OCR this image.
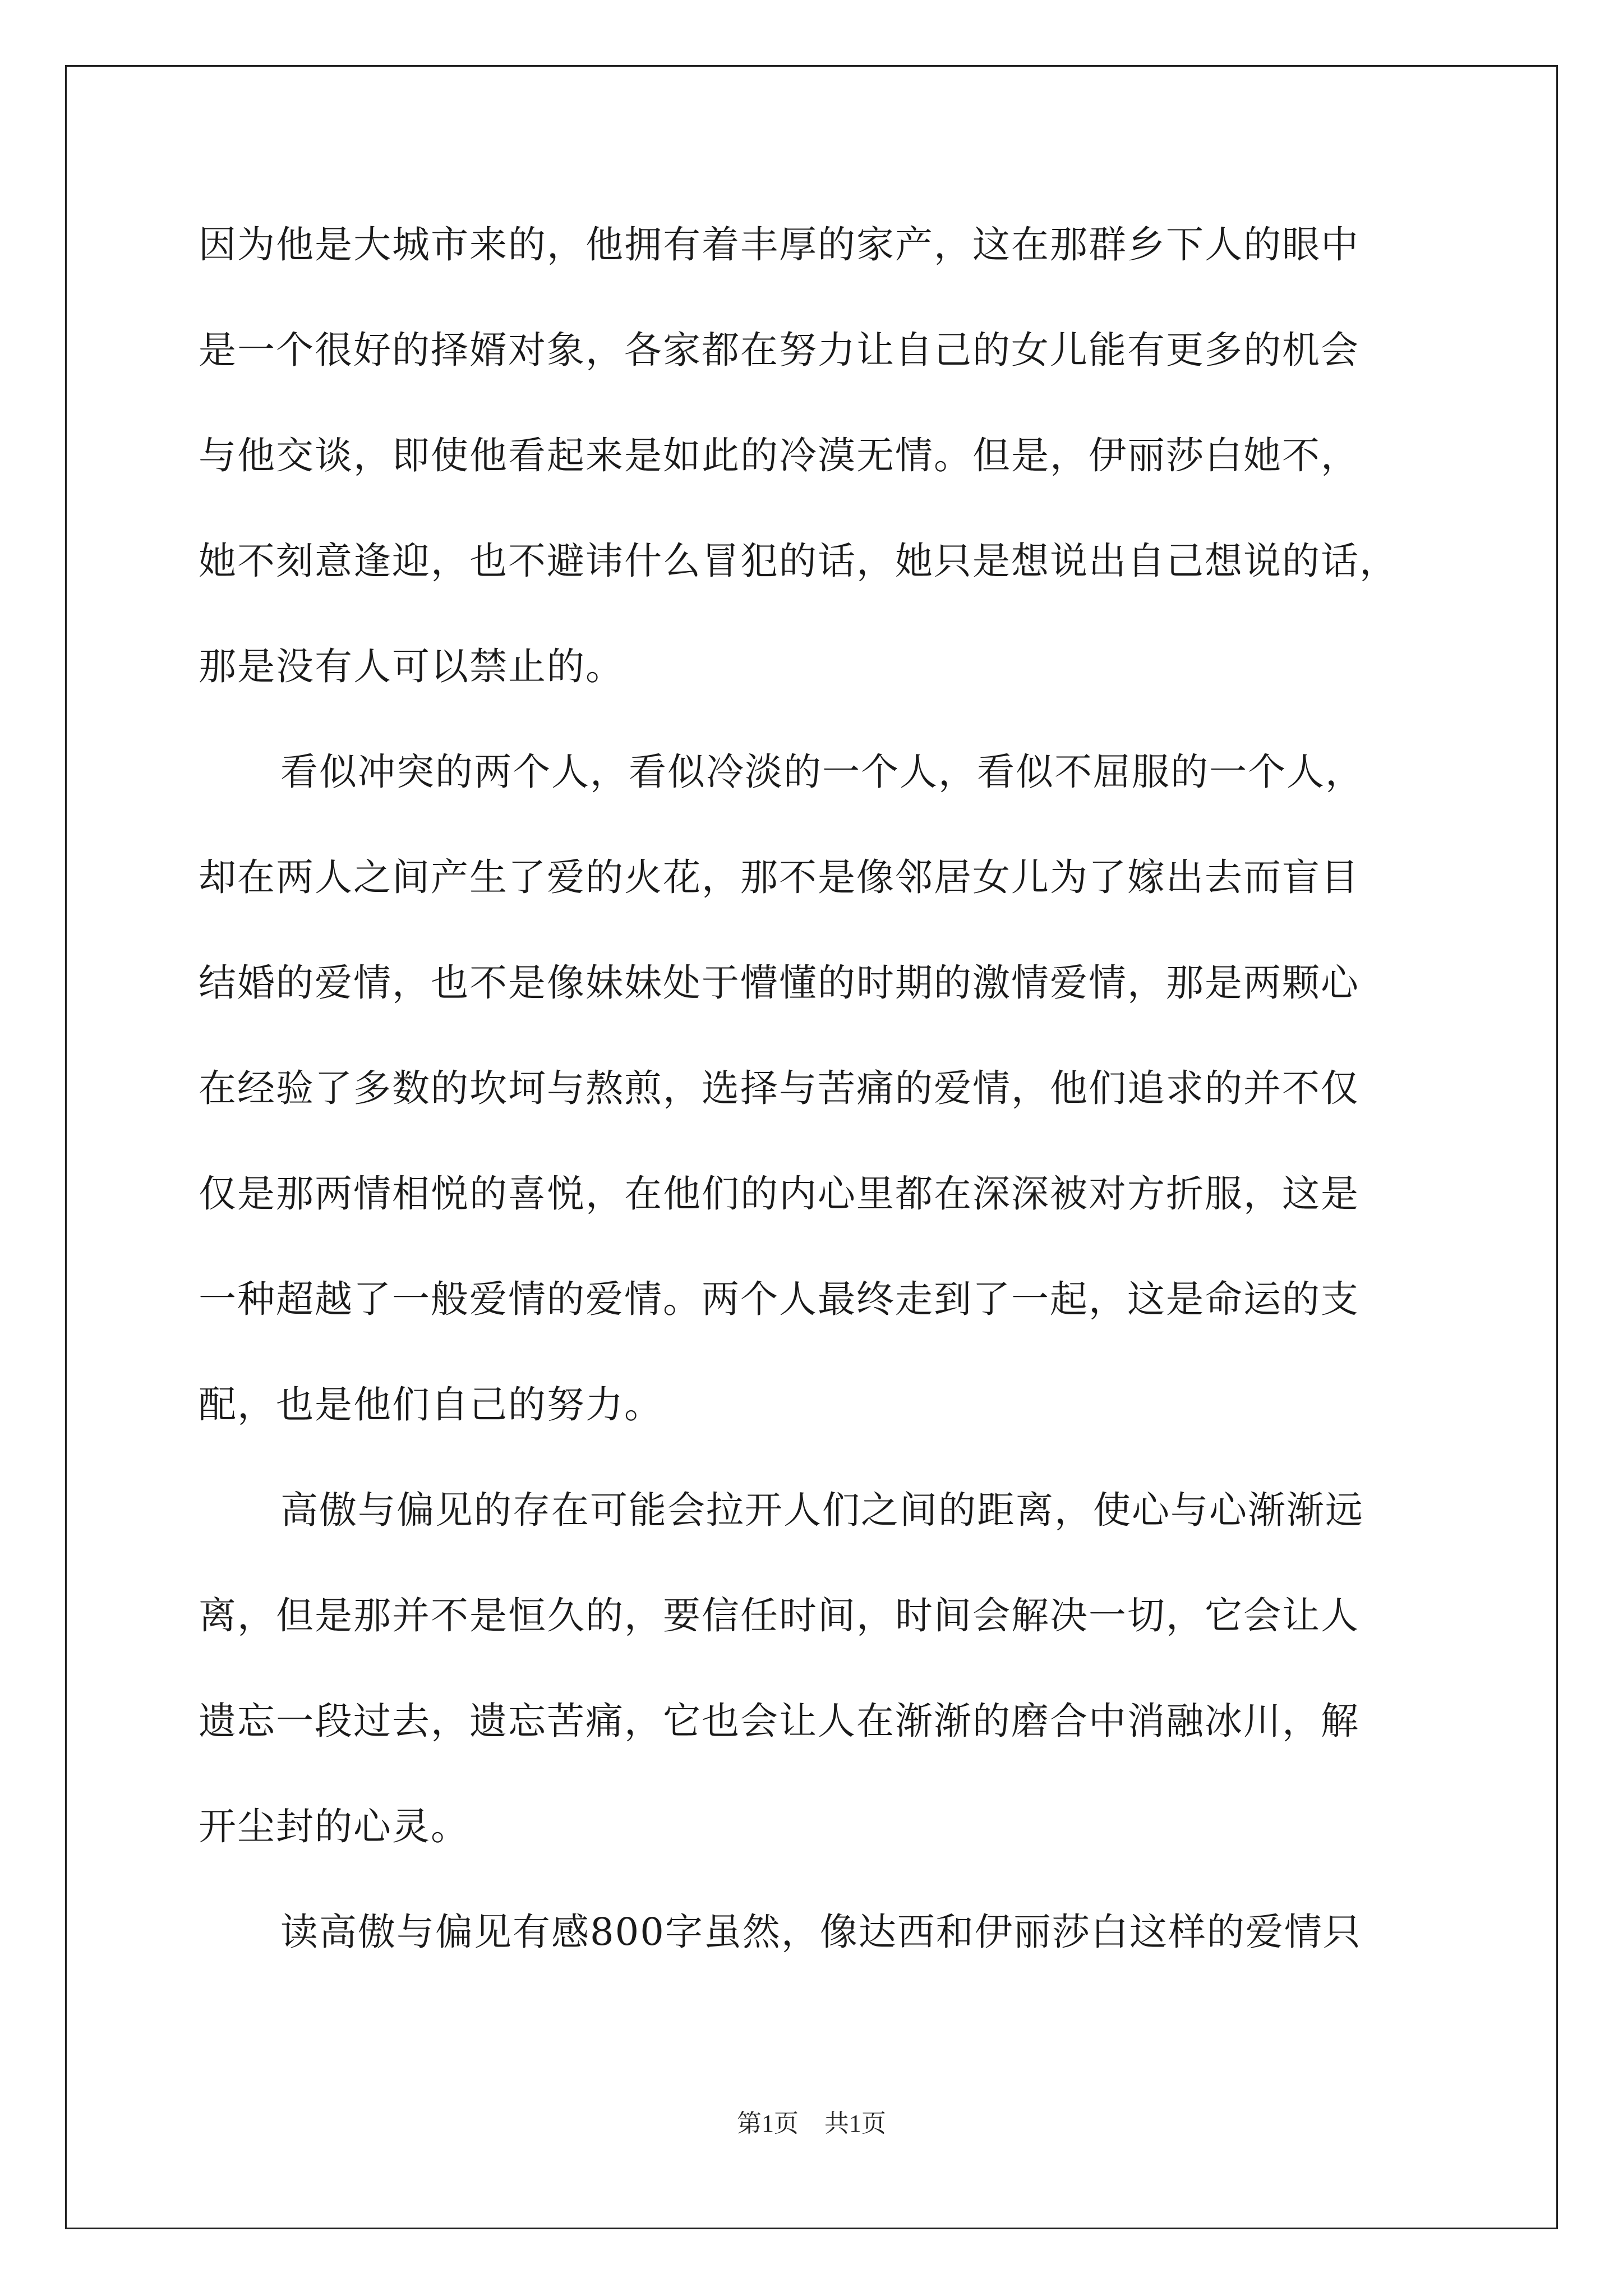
因为他是大城市来的，他拥有着丰厚的家产，这在那群乡下人的眼中
是一个很好的择婿对象，各家都在努力让自己的女儿能有更多的机会
与他交谈，即使他看起来是如此的冷漠无情。但是，伊丽莎白她不，
她不刻意逢迎，也不避讳什么冒犯的话，她只是想说出自己想说的话，
那是没有人可以禁止的。
看似冲突的两个人，看似冷淡的一个人，看似不屈服的一个人，
却在两人之间产生了爱的火花，那不是像邻居女儿为了嫁出去而盲目
结婚的爱情，也不是像妹妹处于懵懂的时期的激情爱情，那是两颗心
在经验了多数的坎坷与熬煎，选择与苦痛的爱情，他们追求的并不仅
仅是那两情相悦的喜悦，在他们的内心里都在深深被对方折服，这是
一种超越了一般爱情的爱情。两个人最终走到了一起，这是命运的支
配，也是他们自己的努力。
高傲与偏见的存在可能会拉开人们之间的距离，使心与心渐渐远
离，但是那并不是恒久的，要信任时间，时间会解决一切，它会让人
遗忘一段过去，遗忘苦痛，它也会让人在渐渐的磨合中消融冰川，解
开尘封的心灵。
读高傲与偏见有感800字虽然，像达西和伊丽莎白这样的爱情只
第1页 共1页
